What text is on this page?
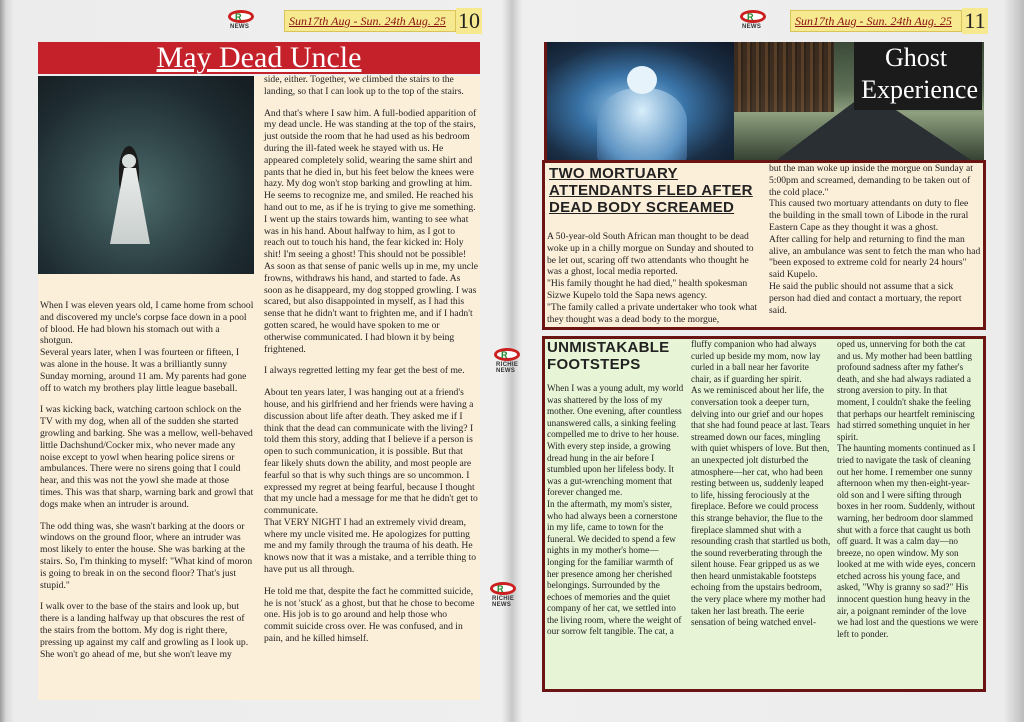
R
NEWS	Sun17th Aug - Sun. 24th Aug. 25 10
May Dead Uncle

When I was eleven years old, I came home from school and discovered my uncle's corpse face down in a pool of blood. He had blown his stomach out with a shotgun.
Several years later, when I was fourteen or fifteen, I was alone in the house. It was a brilliantly sunny Sunday morning, around 11 am. My parents had gone off to watch my brothers play little league baseball.

I was kicking back, watching cartoon schlock on the TV with my dog, when all of the sudden she started growling and barking. She was a mellow, well-behaved little Dachshund/Cocker mix, who never made any noise except to yowl when hearing police sirens or ambulances. There were no sirens going that I could hear, and this was not the yowl she made at those times. This was that sharp, warning bark and growl that dogs make when an intruder is around.

The odd thing was, she wasn't barking at the doors or windows on the ground floor, where an intruder was most likely to enter the house. She was barking at the stairs. So, I'm thinking to myself: "What kind of moron is going to break in on the second floor? That's just stupid."

I walk over to the base of the stairs and look up, but there is a landing halfway up that obscures the rest of the stairs from the bottom. My dog is right there, pressing up against my calf and growling as I look up. She won't go ahead of me, but she won't leave my

side, either. Together, we climbed the stairs to the landing, so that I can look up to the top of the stairs.

And that's where I saw him. A full-bodied apparition of my dead uncle. He was standing at the top of the stairs, just outside the room that he had used as his bedroom during the ill-fated week he stayed with us. He appeared completely solid, wearing the same shirt and pants that he died in, but his feet below the knees were hazy. My dog won't stop barking and growling at him.
He seems to recognize me, and smiled. He reached his hand out to me, as if he is trying to give me something. I went up the stairs towards him, wanting to see what was in his hand. About halfway to him, as I got to reach out to touch his hand, the fear kicked in: Holy shit! I'm seeing a ghost! This should not be possible!
As soon as that sense of panic wells up in me, my uncle frowns, withdraws his hand, and started to fade. As soon as he disappeard, my dog stopped growling. I was scared, but also disappointed in myself, as I had this sense that he didn't want to frighten me, and if I hadn't gotten scared, he would have spoken to me or otherwise communicated. I had blown it by being frightened.

I always regretted letting my fear get the best of me.

About ten years later, I was hanging out at a friend's house, and his girlfriend and her friends were having a discussion about life after death. They asked me if I think that the dead can communicate with the living? I told them this story, adding that I believe if a person is open to such communication, it is possible. But that fear likely shuts down the ability, and most people are fearful so that is why such things are so uncommon. I expressed my regret at being fearful, because I thought that my uncle had a message for me that he didn't get to communicate.
That VERY NIGHT I had an extremely vivid dream, where my uncle visited me. He apologizes for putting me and my family through the trauma of his death. He knows now that it was a mistake, and a terrible thing to have put us all through.

He told me that, despite the fact he committed suicide, he is not 'stuck' as a ghost, but that he chose to become one. His job is to go around and help those who commit suicide cross over. He was confused, and in pain, and he killed himself.

R
NEWS	Sun17th Aug - Sun. 24th Aug. 25 11
Ghost
Experience
TWO MORTUARY ATTENDANTS FLED AFTER DEAD BODY SCREAMED
A 50-year-old South African man thought to be dead woke up in a chilly morgue on Sunday and shouted to be let out, scaring off two attendants who thought he was a ghost, local media reported.
"His family thought he had died," health spokesman Sizwe Kupelo told the Sapa news agency.
"The family called a private undertaker who took what they thought was a dead body to the morgue,
but the man woke up inside the morgue on Sunday at 5:00pm and screamed, demanding to be taken out of the cold place."
This caused two mortuary attendants on duty to flee the building in the small town of Libode in the rural Eastern Cape as they thought it was a ghost.
After calling for help and returning to find the man alive, an ambulance was sent to fetch the man who had "been exposed to extreme cold for nearly 24 hours" said Kupelo.
He said the public should not assume that a sick person had died and contact a mortuary, the report said.
UNMISTAKABLE FOOTSTEPS
When I was a young adult, my world was shattered by the loss of my mother. One evening, after countless unanswered calls, a sinking feeling compelled me to drive to her house. With every step inside, a growing dread hung in the air before I stumbled upon her lifeless body. It was a gut-wrenching moment that forever changed me.
In the aftermath, my mom's sister, who had always been a cornerstone in my life, came to town for the funeral. We decided to spend a few nights in my mother's home—longing for the familiar warmth of her presence among her cherished belongings. Surrounded by the echoes of memories and the quiet company of her cat, we settled into the living room, where the weight of our sorrow felt tangible. The cat, a
fluffy companion who had always curled up beside my mom, now lay curled in a ball near her favorite chair, as if guarding her spirit.
As we reminisced about her life, the conversation took a deeper turn, delving into our grief and our hopes that she had found peace at last. Tears streamed down our faces, mingling with quiet whispers of love. But then, an unexpected jolt disturbed the atmosphere—her cat, who had been resting between us, suddenly leaped to life, hissing ferociously at the fireplace. Before we could process this strange behavior, the flue to the fireplace slammed shut with a resounding crash that startled us both, the sound reverberating through the silent house. Fear gripped us as we then heard unmistakable footsteps echoing from the upstairs bedroom, the very place where my mother had taken her last breath. The eerie sensation of being watched envel-
oped us, unnerving for both the cat and us. My mother had been battling profound sadness after my father's death, and she had always radiated a strong aversion to pity. In that moment, I couldn't shake the feeling that perhaps our heartfelt reminiscing had stirred something unquiet in her spirit.
The haunting moments continued as I tried to navigate the task of cleaning out her home. I remember one sunny afternoon when my then-eight-year-old son and I were sifting through boxes in her room. Suddenly, without warning, her bedroom door slammed shut with a force that caught us both off guard. It was a calm day—no breeze, no open window. My son looked at me with wide eyes, concern etched across his young face, and asked, "Why is granny so sad?" His innocent question hung heavy in the air, a poignant reminder of the love we had lost and the questions we were left to ponder.
R
RICHIE NEWS
R
RICHIE NEWS
